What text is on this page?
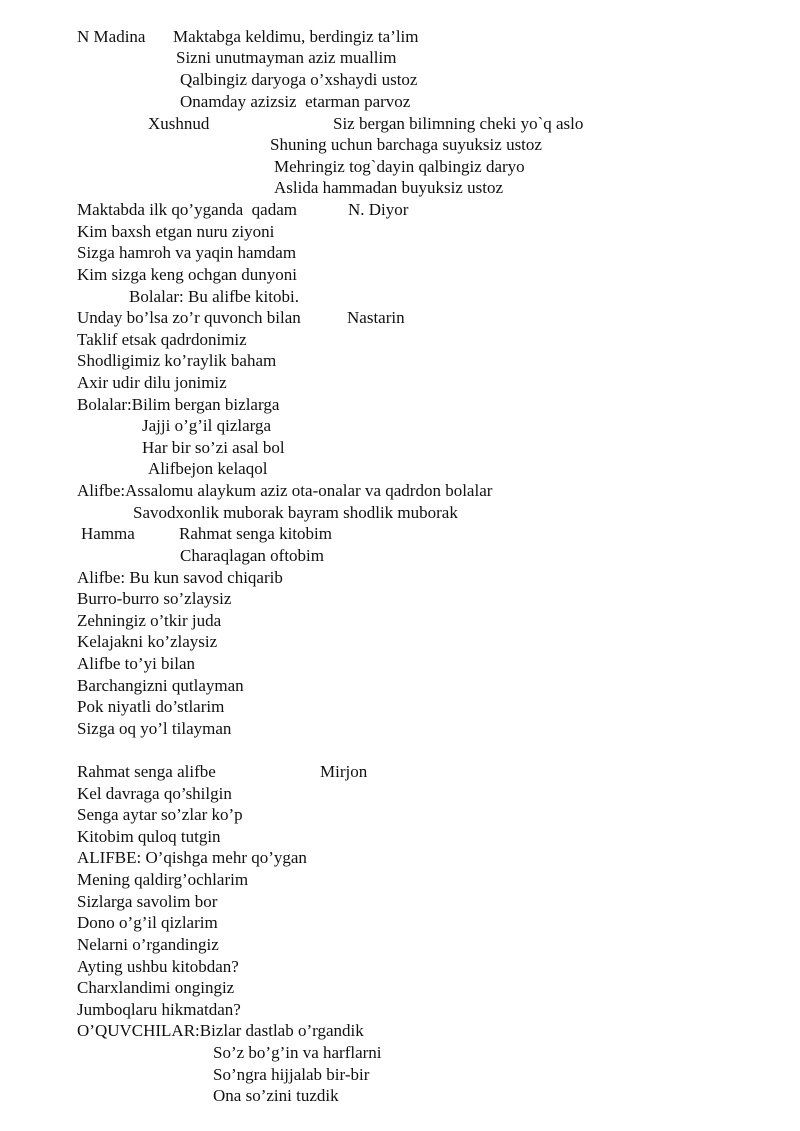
N Madina Maktabga keldimu, berdingiz ta’lim
Sizni unutmayman aziz muallim
Qalbingiz daryoga o’xshaydi ustoz
Onamday azizsiz  etarman parvoz
Xushnud	Siz bergan bilimning cheki yo`q aslo
Shuning uchun barchaga suyuksiz ustoz
Mehringiz tog`dayin qalbingiz daryo
Aslida hammadan buyuksiz ustoz
Maktabda ilk qo’yganda  qadam	N. Diyor
Kim baxsh etgan nuru ziyoni
Sizga hamroh va yaqin hamdam
Kim sizga keng ochgan dunyoni
Bolalar: Bu alifbe kitobi.
Unday bo’lsa zo’r quvonch bilan	Nastarin
Taklif etsak qadrdonimiz
Shodligimiz ko’raylik baham
Axir udir dilu jonimiz
Bolalar:Bilim bergan bizlarga
Jajji o’g’il qizlarga
Har bir so’zi asal bol
Alifbejon kelaqol
Alifbe:Assalomu alaykum aziz ota-onalar va qadrdon bolalar
Savodxonlik muborak bayram shodlik muborak
Hamma	Rahmat senga kitobim
Charaqlagan oftobim
Alifbe: Bu kun savod chiqarib
Burro-burro so’zlaysiz
Zehningiz o’tkir juda
Kelajakni ko’zlaysiz
Alifbe to’yi bilan
Barchangizni qutlayman
Pok niyatli do’stlarim
Sizga oq yo’l tilayman
Rahmat senga alifbe	Mirjon
Kel davraga qo’shilgin
Senga aytar so’zlar ko’p
Kitobim quloq tutgin
ALIFBE: O’qishga mehr qo’ygan
Mening qaldirg’ochlarim
Sizlarga savolim bor
Dono o’g’il qizlarim
Nelarni o’rgandingiz
Ayting ushbu kitobdan?
Charxlandimi ongingiz
Jumboqlaru hikmatdan?
O’QUVCHILAR:Bizlar dastlab o’rgandik
So’z bo’g’in va harflarni
So’ngra hijjalab bir-bir
Ona so’zini tuzdik
